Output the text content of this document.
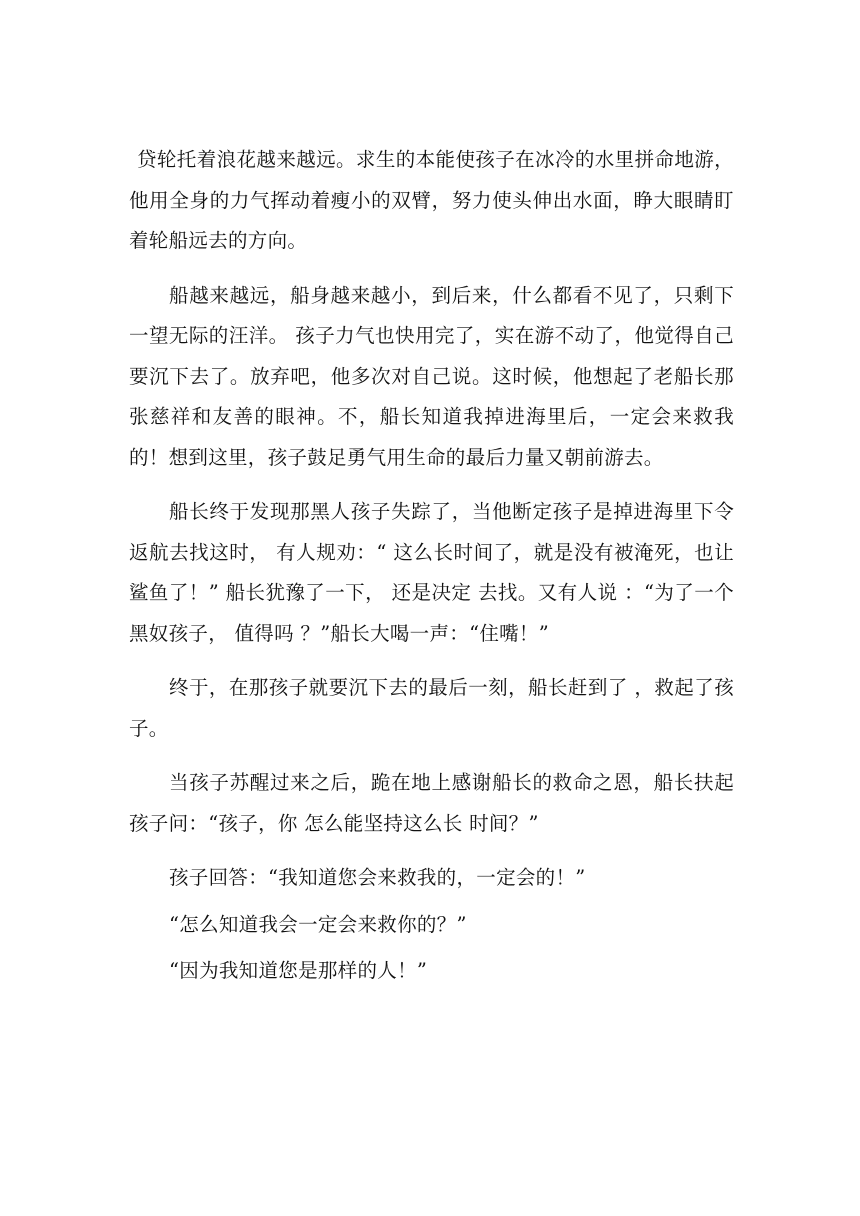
贷轮托着浪花越来越远。求生的本能使孩子在冰冷的水里拼命地游，他用全身的力气挥动着瘦小的双臂，努力使头伸出水面，睁大眼睛盯着轮船远去的方向。

船越来越远，船身越来越小，到后来，什么都看不见了，只剩下一望无际的汪洋。 孩子力气也快用完了，实在游不动了，他觉得自己要沉下去了。放弃吧，他多次对自己说。这时候，他想起了老船长那张慈祥和友善的眼神。不，船长知道我掉进海里后，一定会来救我的！想到这里，孩子鼓足勇气用生命的最后力量又朝前游去。

船长终于发现那黑人孩子失踪了，当他断定孩子是掉进海里下令返航去找这时， 有人规劝：“ 这么长时间了，就是没有被淹死，也让鲨鱼了！” 船长犹豫了一下， 还是决定 去找。又有人说 ：“为了一个黑奴孩子， 值得吗 ？”船长大喝一声：“住嘴！”

终于，在那孩子就要沉下去的最后一刻，船长赶到了 ，救起了孩子。

当孩子苏醒过来之后，跪在地上感谢船长的救命之恩，船长扶起孩子问：“孩子，你 怎么能坚持这么长 时间？”

孩子回答：“我知道您会来救我的，一定会的！”

“怎么知道我会一定会来救你的？”

“因为我知道您是那样的人！”
